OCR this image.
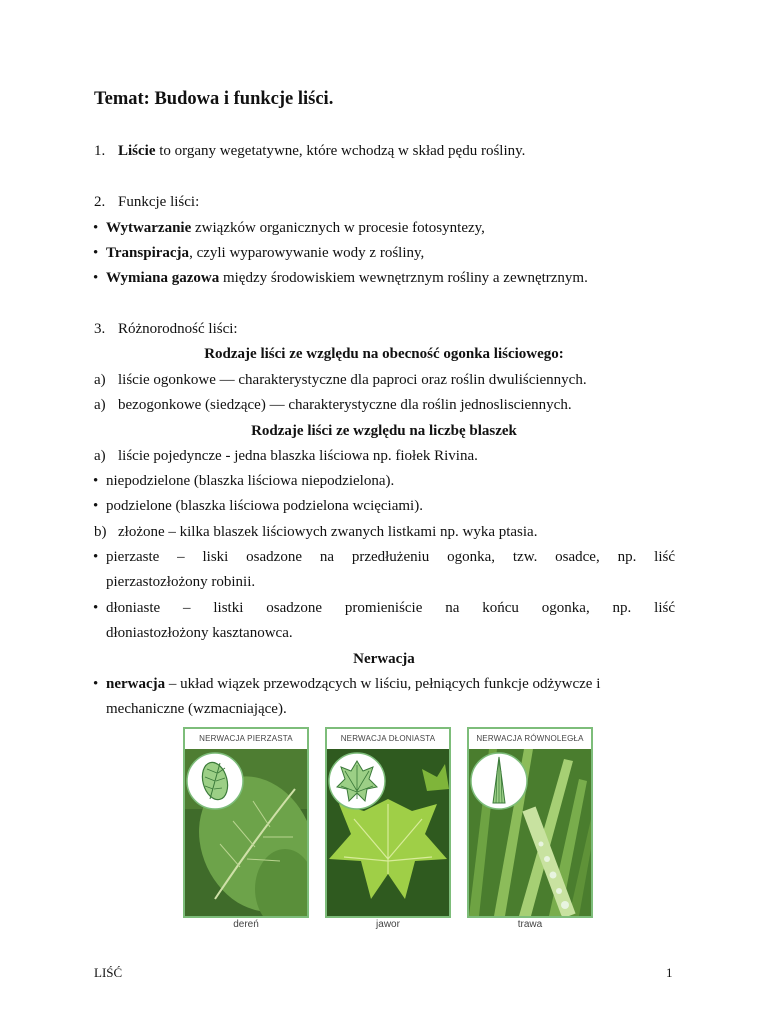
Temat: Budowa i funkcje liści.
1. Liście to organy wegetatywne, które wchodzą w skład pędu rośliny.
2. Funkcje liści:
• Wytwarzanie związków organicznych w procesie fotosyntezy,
• Transpiracja, czyli wyparowywanie wody z rośliny,
• Wymiana gazowa między środowiskiem wewnętrznym rośliny a zewnętrznym.
3. Różnorodność liści:
Rodzaje liści ze względu na obecność ogonka liściowego:
a) liście ogonkowe — charakterystyczne dla paproci oraz roślin dwuliściennych.
a) bezogonkowe (siedzące) — charakterystyczne dla roślin jednoslisciennych.
Rodzaje liści ze względu na liczbę blaszek
a) liście pojedyncze - jedna blaszka liściowa np. fiołek Rivina.
• niepodzielone (blaszka liściowa niepodzielona).
• podzielone (blaszka liściowa podzielona wcięciami).
b) złożone – kilka blaszek liściowych zwanych listkami np. wyka ptasia.
• pierzaste – liski osadzone na przedłużeniu ogonka, tzw. osadce, np. liść
pierzastozłożony robinii.
• dłoniaste – listki osadzone promieniście na końcu ogonka, np. liść
dłoniastozłożony kasztanowca.
Nerwacja
• nerwacja – układ wiązek przewodzących w liściu, pełniących funkcje odżywcze i
mechaniczne (wzmacniające).
NERWACJA PIERZASTA	NERWACJA DŁONIASTA	NERWACJA RÓWNOLEGŁA
dereń	jawor	trawa
LIŚĆ	1
